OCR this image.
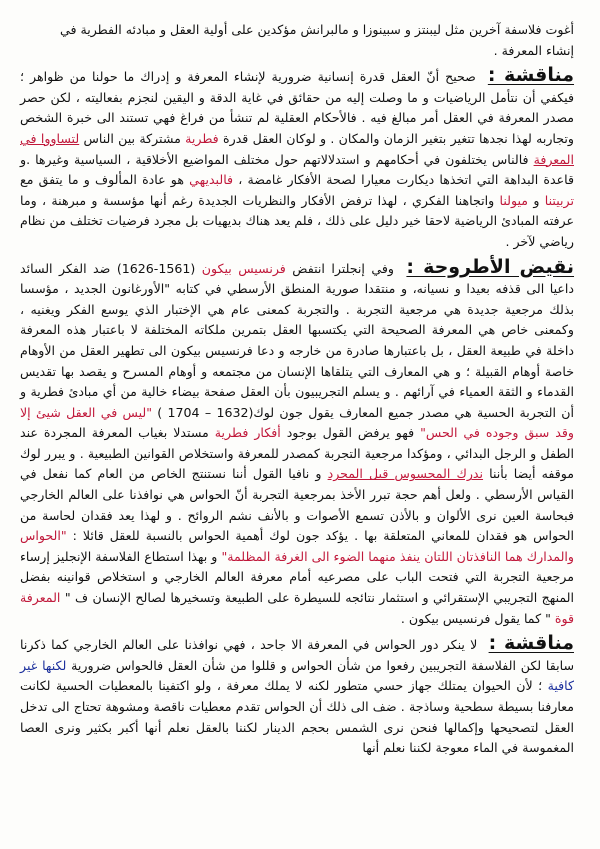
أغوت فلاسفة آخرين مثل ليبنتز و سبينوزا و مالبرانش مؤكدين على أولية العقل و مبادئه الفطرية في
إنشاء المعرفة .

مناقشة : صحيح أنّ العقل قدرة إنسانية ضرورية لإنشاء المعرفة و إدراك ما حولنا من ظواهر ؛ فيكفي أن نتأمل الرياضيات و ما وصلت إليه من حقائق في غاية الدقة و اليقين لنجزم بفعاليته ، لكن حصر مصدر المعرفة في العقل أمر مبالغ فيه . فالأحكام العقلية لم تنشأ من فراغ فهي تستند الى خبرة الشخص وتجاربه لهذا نجدها تتغير بتغير الزمان والمكان . و لوكان العقل قدرة فطرية مشتركة بين الناس لتساووا في المعرفة فالناس يختلفون في أحكامهم و استدلالاتهم حول مختلف المواضيع الأخلاقية ، السياسية وغيرها .و قاعدة البداهة التي اتخذها ديكارت معيارا لصحة الأفكار غامضة ، فالبديهي هو عادة المألوف و ما يتفق مع تربيتنا و ميولنا واتجاهنا الفكري ، لهذا ترفض الأفكار والنظريات الجديدة رغم أنها مؤسسة و مبرهنة ، وما عرفته المبادئ الرياضية لاحقا خير دليل على ذلك ، فلم يعد هناك بديهيات بل مجرد فرضيات تختلف من نظام رياضي لآخر .

نقيض الأطروحة : وفي إنجلترا انتفض فرنسيس بيكون (1561-1626) ضد الفكر السائد داعيا الى قذفه بعيدا و نسيانه، و منتقدا صورية المنطق الأرسطي في كتابه "الأورغانون الجديد ، مؤسسا بذلك مرجعية جديدة هي مرجعية التجربة . والتجربة كمعنى عام هي الإختبار الذي يوسع الفكر ويغنيه ، وكمعنى خاص هي المعرفة الصحيحة التي يكتسبها العقل بتمرين ملكاته المختلفة لا باعتبار هذه المعرفة داخلة في طبيعة العقل ، بل باعتبارها صادرة من خارجه و دعا فرنسيس بيكون الى تطهير العقل من الأوهام خاصة أوهام القبيلة ؛ و هي المعارف التي يتلقاها الإنسان من مجتمعه و أوهام المسرح و يقصد بها تقديس القدماء و الثقة العمياء في آرائهم . و يسلم التجريبيون بأن العقل صفحة بيضاء خالية من أي مبادئ فطرية و أن التجربة الحسية هي مصدر جميع المعارف يقول جون لوك(1632 – 1704 ) "ليس في العقل شيئ إلا وقد سبق وجوده في الحس" فهو يرفض القول بوجود أفكار فطرية مستدلا بغياب المعرفة المجردة عند الطفل و الرجل البدائي ، ومؤكدا مرجعية التجربة كمصدر للمعرفة واستخلاص القوانين الطبيعية . و يبرر لوك موقفه أيضا بأننا ندرك المحسوس قبل المجرد و نافيا القول أننا نستنتج الخاص من العام كما نفعل في القياس الأرسطي . ولعل أهم حجة تبرر الأخذ بمرجعية التجربة أنّ الحواس هي نوافذنا على العالم الخارجي فبحاسة العين نرى الألوان و بالأذن تسمع الأصوات و بالأنف نشم الروائح . و لهذا يعد فقدان لحاسة من الحواس هو فقدان للمعاني المتعلقة بها . يؤكد جون لوك أهمية الحواس بالنسبة للعقل قائلا : "الحواس والمدارك هما النافذتان اللتان ينفذ منهما الضوء الى الغرفة المظلمة" و بهذا استطاع الفلاسفة الإنجليز إرساء مرجعية التجربة التي فتحت الباب على مصرعيه أمام معرفة العالم الخارجي و استخلاص قوانينه بفضل المنهج التجريبي الإستقرائي و استثمار نتائجه للسيطرة على الطبيعة وتسخيرها لصالح الإنسان ف " المعرفة قوة " كما يقول فرنسيس بيكون .

مناقشة : لا ينكر دور الحواس في المعرفة الا جاحد ، فهي نوافذنا على العالم الخارجي كما ذكرنا سابقا لكن الفلاسفة التجريبين رفعوا من شأن الحواس و قللوا من شأن العقل فالحواس ضرورية لكنها غير كافية ؛ لأن الحيوان يمتلك جهاز حسي متطور لكنه لا يملك معرفة ، ولو اكتفينا بالمعطيات الحسية لكانت معارفنا بسيطة سطحية وساذجة . ضف الى ذلك أن الحواس تقدم معطيات ناقصة ومشوهة تحتاج الى تدخل العقل لتصحيحها وإكمالها فنحن نرى الشمس بحجم الدينار لكننا بالعقل نعلم أنها أكبر بكثير ونرى العصا المغموسة في الماء معوجة لكننا نعلم أنها
